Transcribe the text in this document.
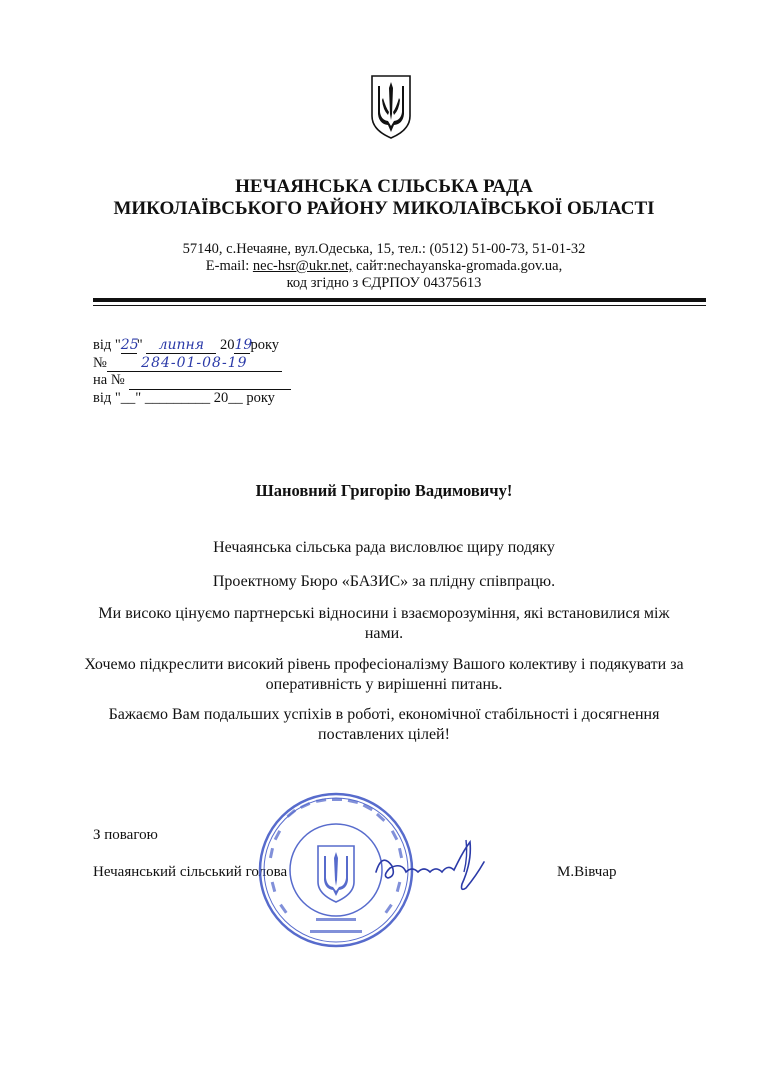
НЕЧАЯНСЬКА СІЛЬСЬКА РАДА
МИКОЛАЇВСЬКОГО РАЙОНУ МИКОЛАЇВСЬКОЇ ОБЛАСТІ
57140, с.Нечаяне, вул.Одеська, 15, тел.: (0512) 51-00-73, 51-01-32
E-mail: nec-hsr@ukr.net, сайт:nechayanska-gromada.gov.ua,
код згідно з ЄДРПОУ 04375613
від "25" липня 2019року
№ 284-01-08-19
на №
від "__" _________ 20__ року
Шановний Григорію Вадимовичу!
Нечаянська сільська рада висловлює щиру подяку
Проектному Бюро «БАЗИС» за плідну співпрацю.
Ми високо цінуємо партнерські відносини і взаєморозуміння, які встановилися між нами.
Хочемо підкреслити високий рівень професіоналізму Вашого колективу і подякувати за оперативність у вирішенні питань.
Бажаємо Вам подальших успіхів в роботі, економічної стабільності і досягнення поставлених цілей!
З повагою
Нечаянський сільський голова	М.Вівчар
